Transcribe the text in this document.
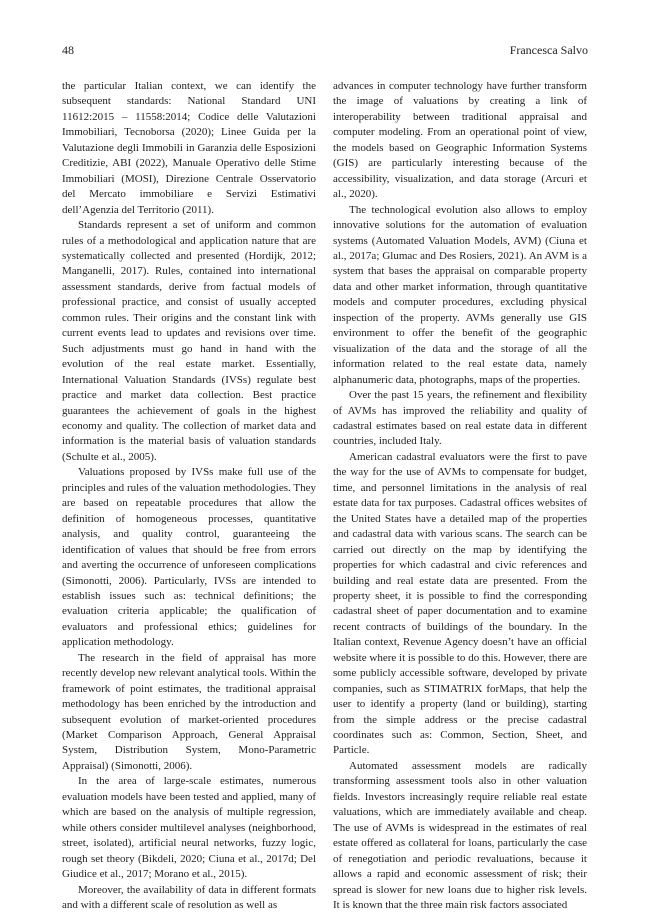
48	Francesca Salvo

the particular Italian context, we can identify the subsequent standards: National Standard UNI 11612:2015 – 11558:2014; Codice delle Valutazioni Immobiliari, Tecnoborsa (2020); Linee Guida per la Valutazione degli Immobili in Garanzia delle Esposizioni Creditizie, ABI (2022), Manuale Operativo delle Stime Immobiliari (MOSI), Direzione Centrale Osservatorio del Mercato immobiliare e Servizi Estimativi dell’Agenzia del Territorio (2011).

Standards represent a set of uniform and common rules of a methodological and application nature that are systematically collected and presented (Hordijk, 2012; Manganelli, 2017). Rules, contained into international assessment standards, derive from factual models of professional practice, and consist of usually accepted common rules. Their origins and the constant link with current events lead to updates and revisions over time. Such adjustments must go hand in hand with the evolution of the real estate market. Essentially, International Valuation Standards (IVSs) regulate best practice and market data collection. Best practice guarantees the achievement of goals in the highest economy and quality. The collection of market data and information is the material basis of valuation standards (Schulte et al., 2005).

Valuations proposed by IVSs make full use of the principles and rules of the valuation methodologies. They are based on repeatable procedures that allow the definition of homogeneous processes, quantitative analysis, and quality control, guaranteeing the identification of values that should be free from errors and averting the occurrence of unforeseen complications (Simonotti, 2006). Particularly, IVSs are intended to establish issues such as: technical definitions; the evaluation criteria applicable; the qualification of evaluators and professional ethics; guidelines for application methodology.

The research in the field of appraisal has more recently develop new relevant analytical tools. Within the framework of point estimates, the traditional appraisal methodology has been enriched by the introduction and subsequent evolution of market-oriented procedures (Market Comparison Approach, General Appraisal System, Distribution System, Mono-Parametric Appraisal) (Simonotti, 2006).

In the area of large-scale estimates, numerous evaluation models have been tested and applied, many of which are based on the analysis of multiple regression, while others consider multilevel analyses (neighborhood, street, isolated), artificial neural networks, fuzzy logic, rough set theory (Bikdeli, 2020; Ciuna et al., 2017d; Del Giudice et al., 2017; Morano et al., 2015).

Moreover, the availability of data in different formats and with a different scale of resolution as well as

advances in computer technology have further transform the image of valuations by creating a link of interoperability between traditional appraisal and computer modeling. From an operational point of view, the models based on Geographic Information Systems (GIS) are particularly interesting because of the accessibility, visualization, and data storage (Arcuri et al., 2020).

The technological evolution also allows to employ innovative solutions for the automation of evaluation systems (Automated Valuation Models, AVM) (Ciuna et al., 2017a; Glumac and Des Rosiers, 2021). An AVM is a system that bases the appraisal on comparable property data and other market information, through quantitative models and computer procedures, excluding physical inspection of the property. AVMs generally use GIS environment to offer the benefit of the geographic visualization of the data and the storage of all the information related to the real estate data, namely alphanumeric data, photographs, maps of the properties.

Over the past 15 years, the refinement and flexibility of AVMs has improved the reliability and quality of cadastral estimates based on real estate data in different countries, included Italy.

American cadastral evaluators were the first to pave the way for the use of AVMs to compensate for budget, time, and personnel limitations in the analysis of real estate data for tax purposes. Cadastral offices websites of the United States have a detailed map of the properties and cadastral data with various scans. The search can be carried out directly on the map by identifying the properties for which cadastral and civic references and building and real estate data are presented. From the property sheet, it is possible to find the corresponding cadastral sheet of paper documentation and to examine recent contracts of buildings of the boundary. In the Italian context, Revenue Agency doesn’t have an official website where it is possible to do this. However, there are some publicly accessible software, developed by private companies, such as STIMATRIX forMaps, that help the user to identify a property (land or building), starting from the simple address or the precise cadastral coordinates such as: Common, Section, Sheet, and Particle.

Automated assessment models are radically transforming assessment tools also in other valuation fields. Investors increasingly require reliable real estate valuations, which are immediately available and cheap. The use of AVMs is widespread in the estimates of real estate offered as collateral for loans, particularly the case of renegotiation and periodic revaluations, because it allows a rapid and economic assessment of risk; their spread is slower for new loans due to higher risk levels. It is known that the three main risk factors associated
